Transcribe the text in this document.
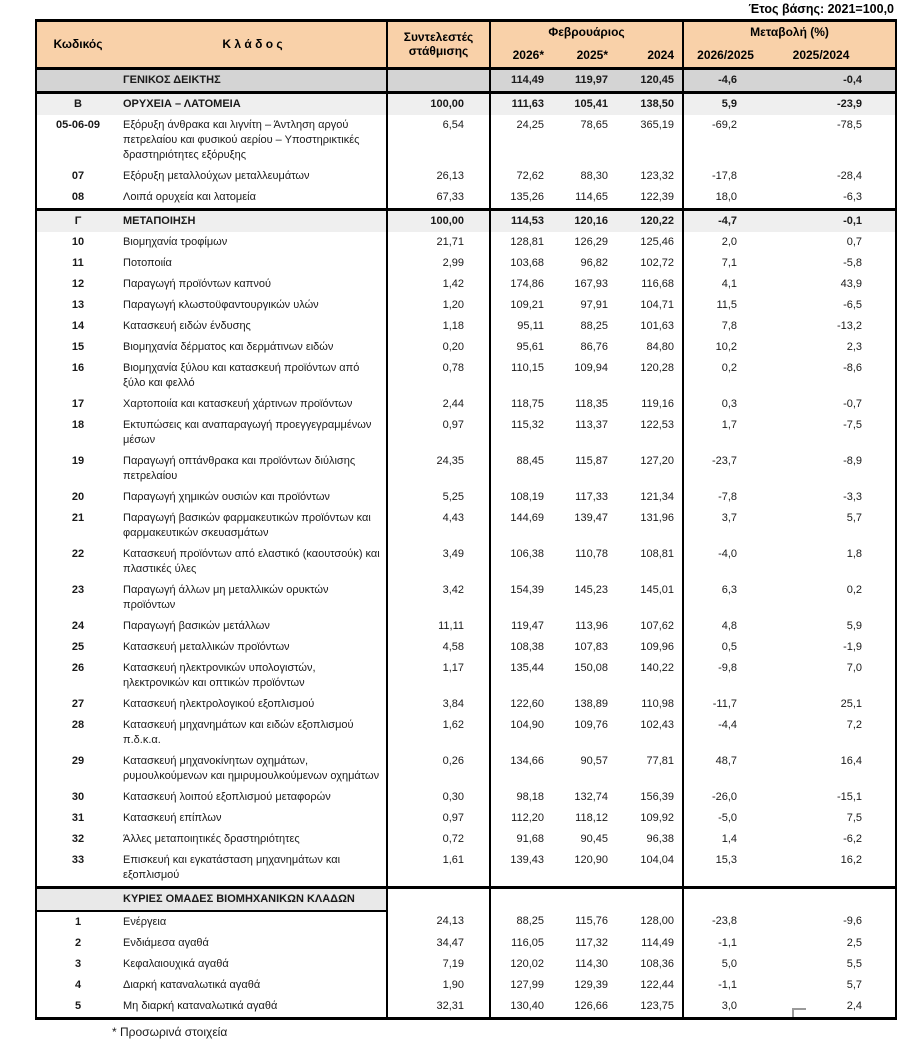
Έτος βάσης: 2021=100,0
Κωδικός	Κ λ ά δ ο ς	Συντελεστές στάθμισης	Φεβρουάριος			Μεταβολή (%)	
			2026*	2025*	2024	2026/2025	2025/2024
	ΓΕΝΙΚΟΣ ΔΕΙΚΤΗΣ		114,49	119,97	120,45	-4,6	-0,4
Β	ΟΡΥΧΕΙΑ – ΛΑΤΟΜΕΙΑ	100,00	111,63	105,41	138,50	5,9	-23,9
05-06-09	Εξόρυξη άνθρακα και λιγνίτη – Άντληση αργού πετρελαίου και φυσικού αερίου – Υποστηρικτικές δραστηριότητες εξόρυξης	6,54	24,25	78,65	365,19	-69,2	-78,5
07	Εξόρυξη μεταλλούχων μεταλλευμάτων	26,13	72,62	88,30	123,32	-17,8	-28,4
08	Λοιπά ορυχεία και λατομεία	67,33	135,26	114,65	122,39	18,0	-6,3
Γ	ΜΕΤΑΠΟΙΗΣΗ	100,00	114,53	120,16	120,22	-4,7	-0,1
10	Βιομηχανία τροφίμων	21,71	128,81	126,29	125,46	2,0	0,7
11	Ποτοποιία	2,99	103,68	96,82	102,72	7,1	-5,8
12	Παραγωγή προϊόντων καπνού	1,42	174,86	167,93	116,68	4,1	43,9
13	Παραγωγή κλωστοϋφαντουργικών υλών	1,20	109,21	97,91	104,71	11,5	-6,5
14	Κατασκευή ειδών ένδυσης	1,18	95,11	88,25	101,63	7,8	-13,2
15	Βιομηχανία δέρματος και δερμάτινων ειδών	0,20	95,61	86,76	84,80	10,2	2,3
16	Βιομηχανία ξύλου και κατασκευή προϊόντων από ξύλο και φελλό	0,78	110,15	109,94	120,28	0,2	-8,6
17	Χαρτοποιία και κατασκευή χάρτινων προϊόντων	2,44	118,75	118,35	119,16	0,3	-0,7
18	Εκτυπώσεις και αναπαραγωγή προεγγεγραμμένων μέσων	0,97	115,32	113,37	122,53	1,7	-7,5
19	Παραγωγή οπτάνθρακα και προϊόντων διύλισης πετρελαίου	24,35	88,45	115,87	127,20	-23,7	-8,9
20	Παραγωγή χημικών ουσιών και προϊόντων	5,25	108,19	117,33	121,34	-7,8	-3,3
21	Παραγωγή βασικών φαρμακευτικών προϊόντων και φαρμακευτικών σκευασμάτων	4,43	144,69	139,47	131,96	3,7	5,7
22	Κατασκευή προϊόντων από ελαστικό (καουτσούκ) και πλαστικές ύλες	3,49	106,38	110,78	108,81	-4,0	1,8
23	Παραγωγή άλλων μη μεταλλικών ορυκτών προϊόντων	3,42	154,39	145,23	145,01	6,3	0,2
24	Παραγωγή βασικών μετάλλων	11,11	119,47	113,96	107,62	4,8	5,9
25	Κατασκευή μεταλλικών προϊόντων	4,58	108,38	107,83	109,96	0,5	-1,9
26	Κατασκευή ηλεκτρονικών υπολογιστών, ηλεκτρονικών και οπτικών προϊόντων	1,17	135,44	150,08	140,22	-9,8	7,0
27	Κατασκευή ηλεκτρολογικού εξοπλισμού	3,84	122,60	138,89	110,98	-11,7	25,1
28	Κατασκευή μηχανημάτων και ειδών εξοπλισμού π.δ.κ.α.	1,62	104,90	109,76	102,43	-4,4	7,2
29	Κατασκευή μηχανοκίνητων οχημάτων, ρυμουλκούμενων και ημιρυμουλκούμενων οχημάτων	0,26	134,66	90,57	77,81	48,7	16,4
30	Κατασκευή λοιπού εξοπλισμού μεταφορών	0,30	98,18	132,74	156,39	-26,0	-15,1
31	Κατασκευή επίπλων	0,97	112,20	118,12	109,92	-5,0	7,5
32	Άλλες μεταποιητικές δραστηριότητες	0,72	91,68	90,45	96,38	1,4	-6,2
33	Επισκευή και εγκατάσταση μηχανημάτων και εξοπλισμού	1,61	139,43	120,90	104,04	15,3	16,2
	ΚΥΡΙΕΣ ΟΜΑΔΕΣ ΒΙΟΜΗΧΑΝΙΚΩΝ ΚΛΑΔΩΝ						
1	Ενέργεια	24,13	88,25	115,76	128,00	-23,8	-9,6
2	Ενδιάμεσα αγαθά	34,47	116,05	117,32	114,49	-1,1	2,5
3	Κεφαλαιουχικά αγαθά	7,19	120,02	114,30	108,36	5,0	5,5
4	Διαρκή καταναλωτικά αγαθά	1,90	127,99	129,39	122,44	-1,1	5,7
5	Μη διαρκή καταναλωτικά αγαθά	32,31	130,40	126,66	123,75	3,0	2,4
* Προσωρινά στοιχεία
